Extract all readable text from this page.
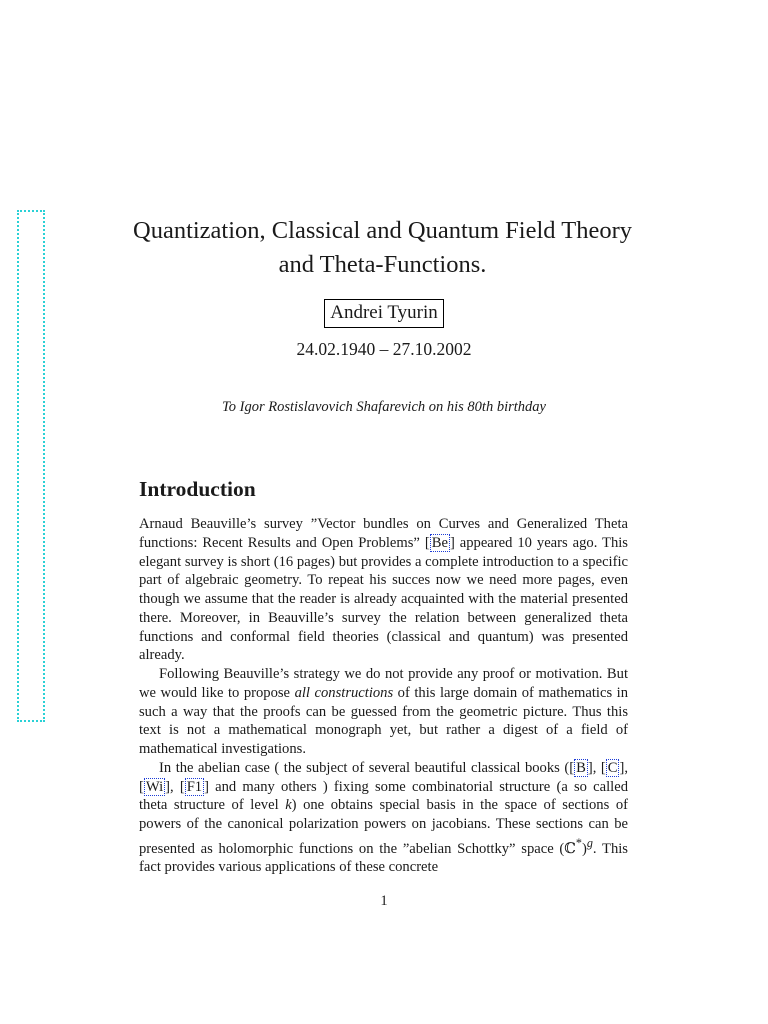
Quantization, Classical and Quantum Field Theory and Theta-Functions.
Andrei Tyurin
24.02.1940 – 27.10.2002
To Igor Rostislavovich Shafarevich on his 80th birthday
Introduction

Arnaud Beauville’s survey ”Vector bundles on Curves and Generalized Theta functions: Recent Results and Open Problems” [ Be ] appeared 10 years ago. This elegant survey is short (16 pages) but provides a complete introduction to a specific part of algebraic geometry. To repeat his succes now we need more pages, even though we assume that the reader is already acquainted with the material presented there. Moreover, in Beauville’s survey the relation between generalized theta functions and conformal field theories (classical and quantum) was presented already.

Following Beauville’s strategy we do not provide any proof or motivation. But we would like to propose all constructions of this large domain of mathematics in such a way that the proofs can be guessed from the geometric picture. Thus this text is not a mathematical monograph yet, but rather a digest of a field of mathematical investigations.

In the abelian case ( the subject of several beautiful classical books ([ B ], [ C ], [ Wi ], [ F1 ] and many others ) fixing some combinatorial structure (a so called theta structure of level k) one obtains special basis in the space of sections of powers of the canonical polarization powers on jacobians. These sections can be presented as holomorphic functions on the ”abelian Schottky” space (ℂ*)$^g$. This fact provides various applications of these concrete

1
